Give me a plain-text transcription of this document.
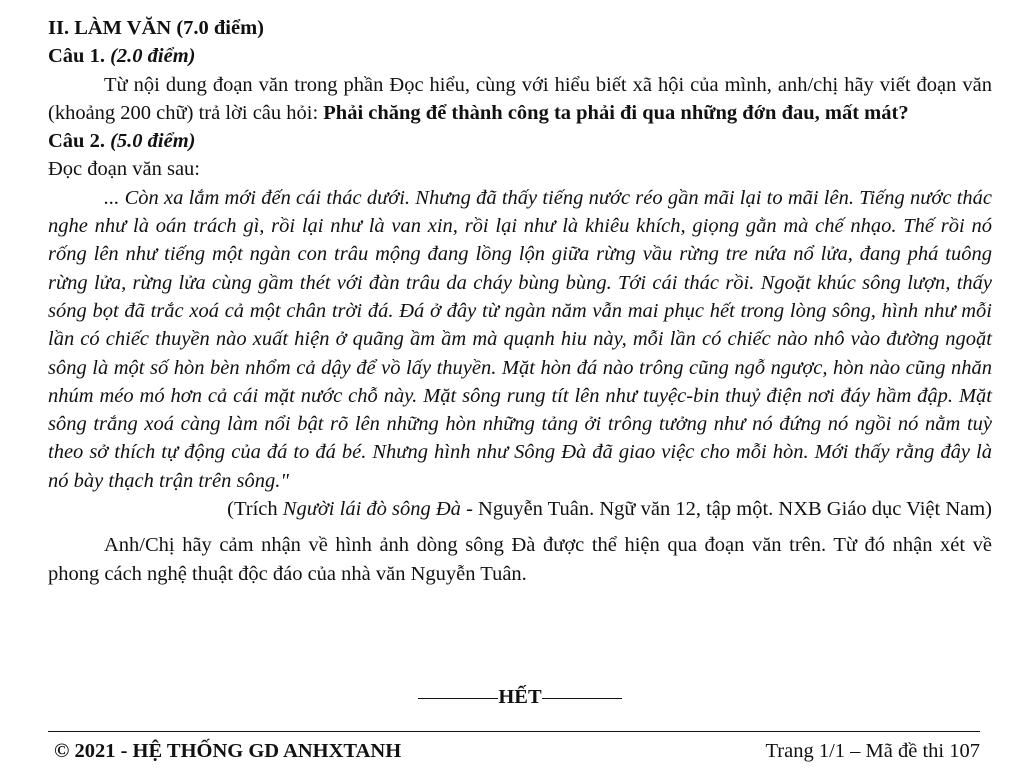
II. LÀM VĂN (7.0 điểm)
Câu 1. (2.0 điểm)

Từ nội dung đoạn văn trong phần Đọc hiểu, cùng với hiểu biết xã hội của mình, anh/chị hãy viết đoạn văn (khoảng 200 chữ) trả lời câu hỏi: Phải chăng để thành công ta phải đi qua những đớn đau, mất mát?

Câu 2. (5.0 điểm)
Đọc đoạn văn sau:

... Còn xa lắm mới đến cái thác dưới. Nhưng đã thấy tiếng nước réo gần mãi lại to mãi lên. Tiếng nước thác nghe như là oán trách gì, rồi lại như là van xin, rồi lại như là khiêu khích, giọng gằn mà chế nhạo. Thế rồi nó rống lên như tiếng một ngàn con trâu mộng đang lồng lộn giữa rừng vầu rừng tre nứa nổ lửa, đang phá tuông rừng lửa, rừng lửa cùng gầm thét với đàn trâu da cháy bùng bùng. Tới cái thác rồi. Ngoặt khúc sông lượn, thấy sóng bọt đã trắc xoá cả một chân trời đá. Đá ở đây từ ngàn năm vẫn mai phục hết trong lòng sông, hình như mỗi lần có chiếc thuyền nào xuất hiện ở quãng ầm ầm mà quạnh hiu này, mỗi lần có chiếc nào nhô vào đường ngoặt sông là một số hòn bèn nhổm cả dậy để vồ lấy thuyền. Mặt hòn đá nào trông cũng ngỗ ngược, hòn nào cũng nhăn nhúm méo mó hơn cả cái mặt nước chỗ này. Mặt sông rung tít lên như tuyệc-bin thuỷ điện nơi đáy hầm đập. Mặt sông trắng xoá càng làm nổi bật rõ lên những hòn những tảng ởi trông tưởng như nó đứng nó ngồi nó nằm tuỳ theo sở thích tự động của đá to đá bé. Nhưng hình như Sông Đà đã giao việc cho mỗi hòn. Mới thấy rằng đây là nó bày thạch trận trên sông."

(Trích Người lái đò sông Đà - Nguyễn Tuân. Ngữ văn 12, tập một. NXB Giáo dục Việt Nam)

Anh/Chị hãy cảm nhận về hình ảnh dòng sông Đà được thể hiện qua đoạn văn trên. Từ đó nhận xét về phong cách nghệ thuật độc đáo của nhà văn Nguyễn Tuân.

HẾT
© 2021 - HỆ THỐNG GD ANHXTANH	Trang 1/1 – Mã đề thi 107
